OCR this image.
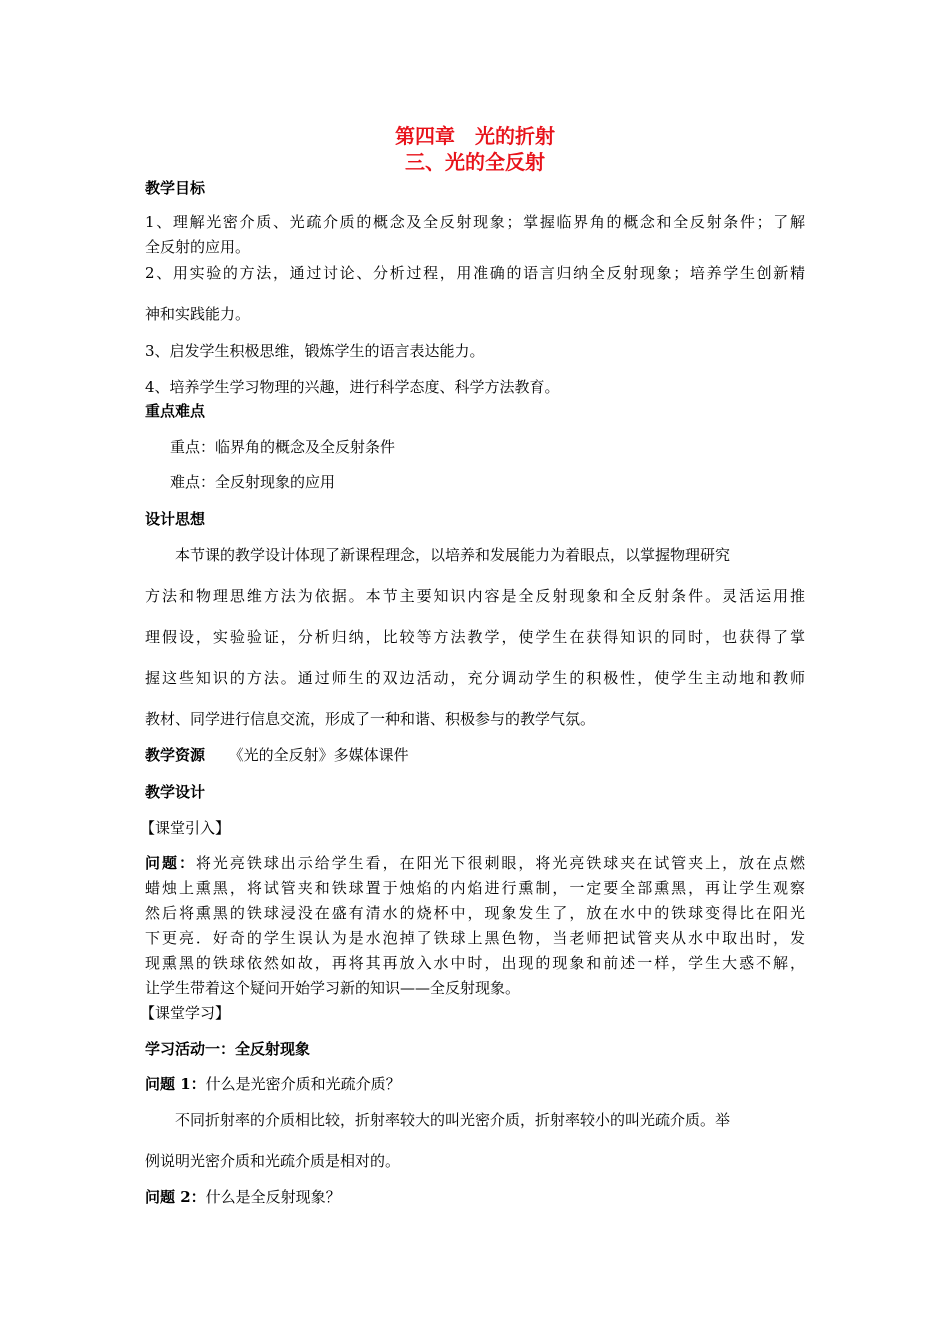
第四章　光的折射
三、光的全反射
教学目标
1、理解光密介质、光疏介质的概念及全反射现象；掌握临界角的概念和全反射条件；了解
全反射的应用。
2、用实验的方法，通过讨论、分析过程，用准确的语言归纳全反射现象；培养学生创新精
神和实践能力。
3、启发学生积极思维，锻炼学生的语言表达能力。
4、培养学生学习物理的兴趣，进行科学态度、科学方法教育。
重点难点
重点：临界角的概念及全反射条件
难点：全反射现象的应用
设计思想
本节课的教学设计体现了新课程理念，以培养和发展能力为着眼点，以掌握物理研究
方法和物理思维方法为依据。本节主要知识内容是全反射现象和全反射条件。灵活运用推
理假设，实验验证，分析归纳，比较等方法教学，使学生在获得知识的同时，也获得了掌
握这些知识的方法。通过师生的双边活动，充分调动学生的积极性，使学生主动地和教师
教材、同学进行信息交流，形成了一种和谐、积极参与的教学气氛。
教学资源 《光的全反射》多媒体课件
教学设计
【课堂引入】
问题：将光亮铁球出示给学生看，在阳光下很刺眼，将光亮铁球夹在试管夹上，放在点燃
蜡烛上熏黑，将试管夹和铁球置于烛焰的内焰进行熏制，一定要全部熏黑，再让学生观察
然后将熏黑的铁球浸没在盛有清水的烧杯中，现象发生了，放在水中的铁球变得比在阳光
下更亮．好奇的学生误认为是水泡掉了铁球上黑色物，当老师把试管夹从水中取出时，发
现熏黑的铁球依然如故，再将其再放入水中时，出现的现象和前述一样，学生大惑不解，
让学生带着这个疑问开始学习新的知识——全反射现象。
【课堂学习】
学习活动一：全反射现象
问题 1：什么是光密介质和光疏介质？
不同折射率的介质相比较，折射率较大的叫光密介质，折射率较小的叫光疏介质。举
例说明光密介质和光疏介质是相对的。
问题 2：什么是全反射现象？
